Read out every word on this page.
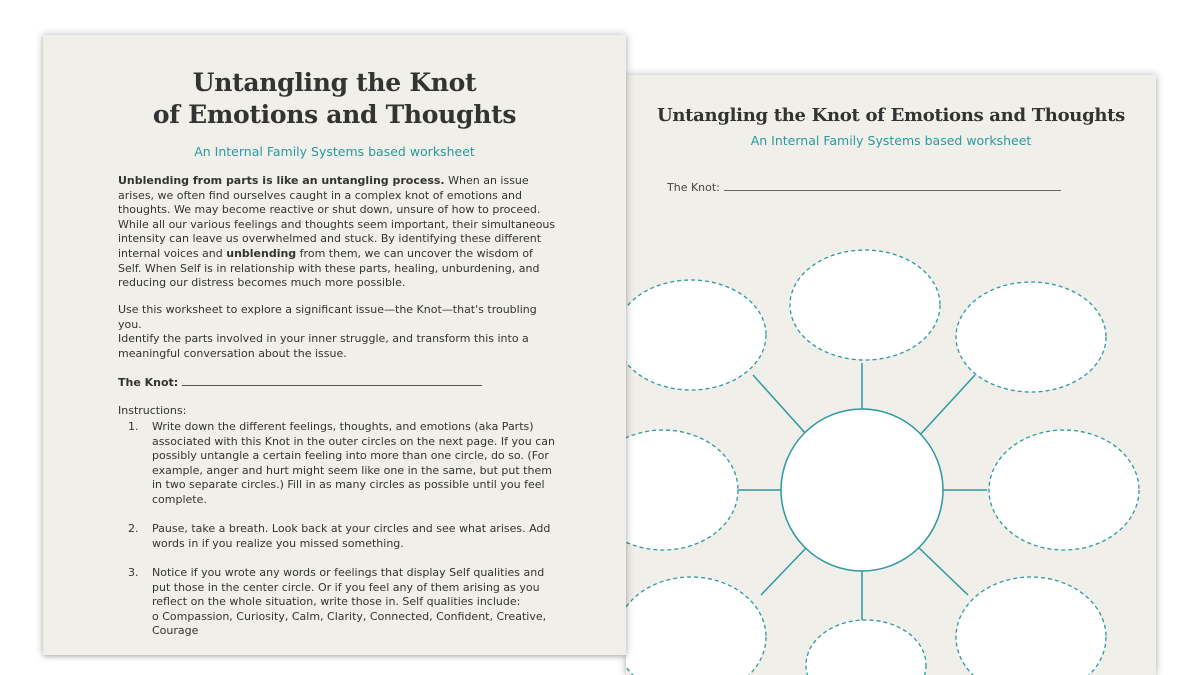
Untangling the Knot of Emotions and Thoughts
An Internal Family Systems based worksheet
The Knot:
Untangling the Knot
of Emotions and Thoughts
An Internal Family Systems based worksheet
Unblending from parts is like an untangling process. When an issue arises, we often find ourselves caught in a complex knot of emotions and thoughts. We may become reactive or shut down, unsure of how to proceed. While all our various feelings and thoughts seem important, their simultaneous intensity can leave us overwhelmed and stuck. By identifying these different internal voices and unblending from them, we can uncover the wisdom of Self. When Self is in relationship with these parts, healing, unburdening, and reducing our distress becomes much more possible.
Use this worksheet to explore a significant issue—the Knot—that's troubling you.
Identify the parts involved in your inner struggle, and transform this into a meaningful conversation about the issue.
The Knot:
Instructions:
1. Write down the different feelings, thoughts, and emotions (aka Parts) associated with this Knot in the outer circles on the next page. If you can possibly untangle a certain feeling into more than one circle, do so. (For example, anger and hurt might seem like one in the same, but put them in two separate circles.) Fill in as many circles as possible until you feel complete.
2. Pause, take a breath. Look back at your circles and see what arises. Add words in if you realize you missed something.
3. Notice if you wrote any words or feelings that display Self qualities and put those in the center circle. Or if you feel any of them arising as you reflect on the whole situation, write those in. Self qualities include:
o Compassion, Curiosity, Calm, Clarity, Connected, Confident, Creative, Courage
